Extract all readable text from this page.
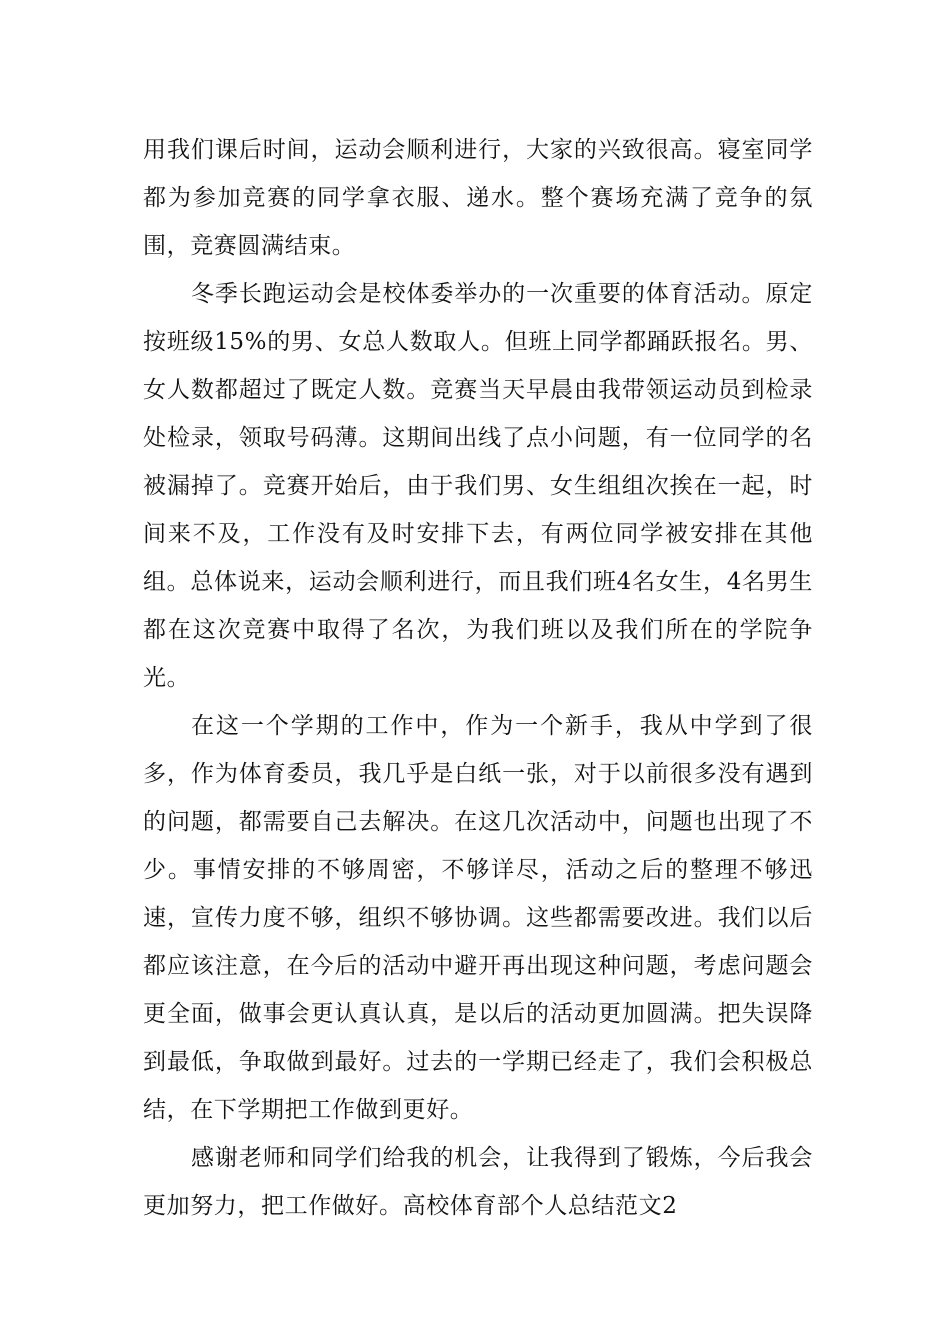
用我们课后时间，运动会顺利进行，大家的兴致很高。寝室同学都为参加竞赛的同学拿衣服、递水。整个赛场充满了竞争的氛围，竞赛圆满结束。

冬季长跑运动会是校体委举办的一次重要的体育活动。原定按班级15%的男、女总人数取人。但班上同学都踊跃报名。男、女人数都超过了既定人数。竞赛当天早晨由我带领运动员到检录处检录，领取号码薄。这期间出线了点小问题，有一位同学的名被漏掉了。竞赛开始后，由于我们男、女生组组次挨在一起，时间来不及，工作没有及时安排下去，有两位同学被安排在其他组。总体说来，运动会顺利进行，而且我们班4名女生，4名男生都在这次竞赛中取得了名次，为我们班以及我们所在的学院争光。

在这一个学期的工作中，作为一个新手，我从中学到了很多，作为体育委员，我几乎是白纸一张，对于以前很多没有遇到的问题，都需要自己去解决。在这几次活动中，问题也出现了不少。事情安排的不够周密，不够详尽，活动之后的整理不够迅速，宣传力度不够，组织不够协调。这些都需要改进。我们以后都应该注意，在今后的活动中避开再出现这种问题，考虑问题会更全面，做事会更认真认真，是以后的活动更加圆满。把失误降到最低，争取做到最好。过去的一学期已经走了，我们会积极总结，在下学期把工作做到更好。

感谢老师和同学们给我的机会，让我得到了锻炼，今后我会更加努力，把工作做好。高校体育部个人总结范文2
